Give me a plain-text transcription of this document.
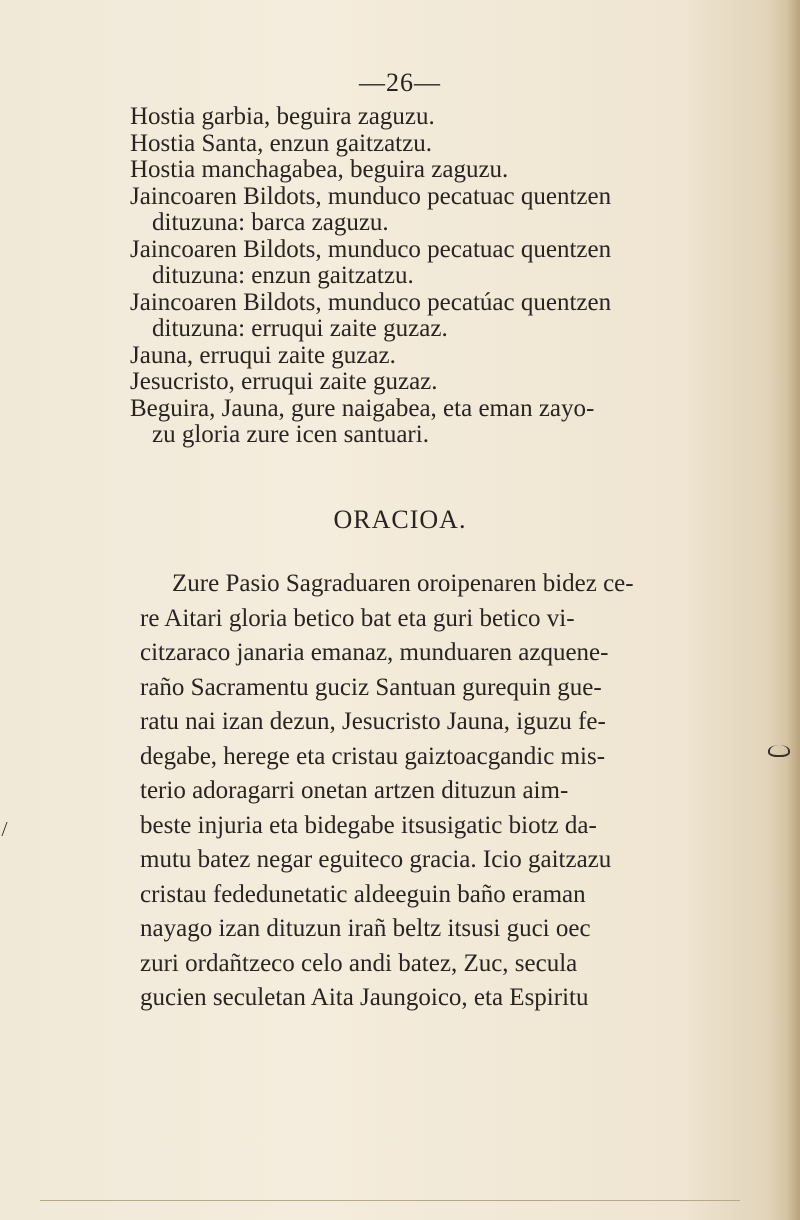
—26—
Hostia garbia, beguira zaguzu.
Hostia Santa, enzun gaitzatzu.
Hostia manchagabea, beguira zaguzu.
Jaincoaren Bildots, munduco pecatuac quentzen
dituzuna: barca zaguzu.
Jaincoaren Bildots, munduco pecatuac quentzen
dituzuna: enzun gaitzatzu.
Jaincoaren Bildots, munduco pecatúac quentzen
dituzuna: erruqui zaite guzaz.
Jauna, erruqui zaite guzaz.
Jesucristo, erruqui zaite guzaz.
Beguira, Jauna, gure naigabea, eta eman zayo-
zu gloria zure icen santuari.
ORACIOA.
Zure Pasio Sagraduaren oroipenaren bidez ce-
re Aitari gloria betico bat eta guri betico vi-
citzaraco janaria emanaz, munduaren azquene-
raño Sacramentu guciz Santuan gurequin gue-
ratu nai izan dezun, Jesucristo Jauna, iguzu fe-
degabe, herege eta cristau gaiztoacgandic mis-
terio adoragarri onetan artzen dituzun aim-
beste injuria eta bidegabe itsusigatic biotz da-
mutu batez negar eguiteco gracia. Icio gaitzazu
cristau fededunetatic aldeeguin baño eraman
nayago izan dituzun irañ beltz itsusi guci oec
zuri ordañtzeco celo andi batez, Zuc, secula
gucien seculetan Aita Jaungoico, eta Espiritu
